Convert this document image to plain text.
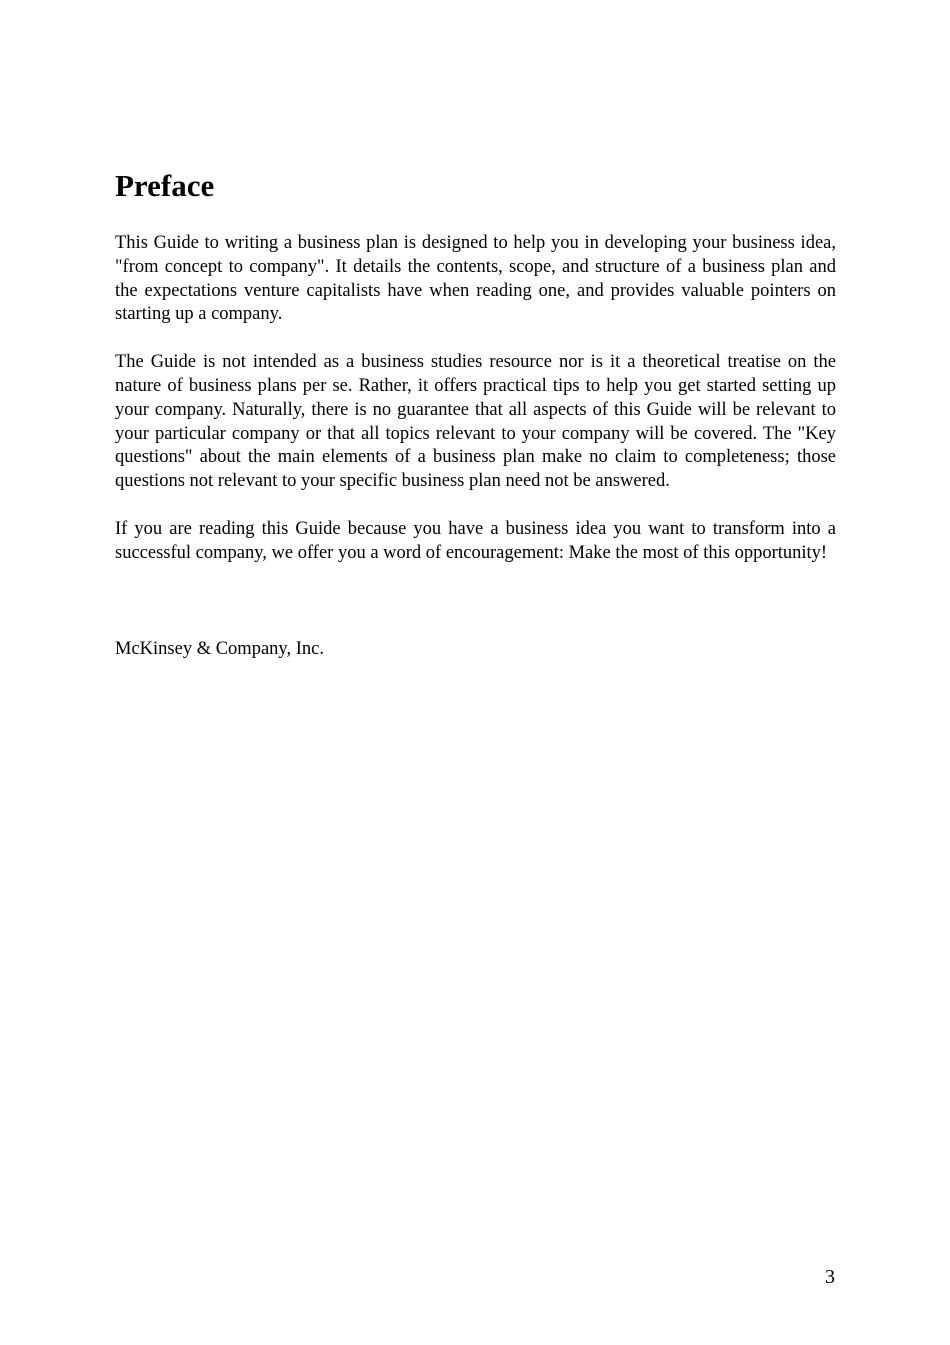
Preface

This Guide to writing a business plan is designed to help you in developing your business idea, "from concept to company". It details the contents, scope, and structure of a business plan and the expectations venture capitalists have when reading one, and provides valuable pointers on starting up a company.

The Guide is not intended as a business studies resource nor is it a theoretical treatise on the nature of business plans per se. Rather, it offers practical tips to help you get started setting up your company. Naturally, there is no guarantee that all aspects of this Guide will be relevant to your particular company or that all topics relevant to your company will be covered. The "Key questions" about the main elements of a business plan make no claim to completeness; those questions not relevant to your specific business plan need not be answered.

If you are reading this Guide because you have a business idea you want to transform into a successful company, we offer you a word of encouragement: Make the most of this opportunity!

McKinsey & Company, Inc.
3
